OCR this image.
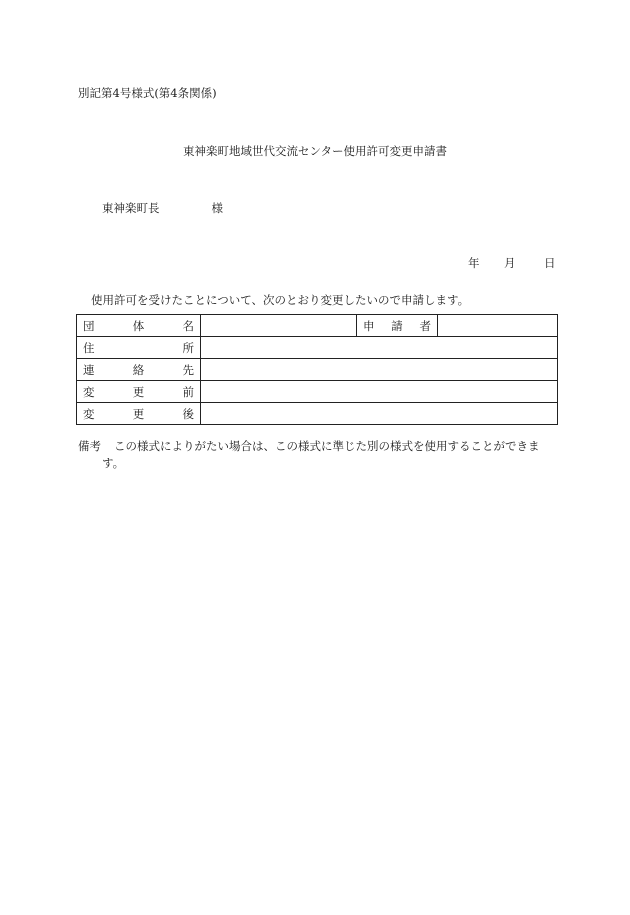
別記第4号様式(第4条関係)
東神楽町地域世代交流センター使用許可変更申請書
東神楽町長	様
年 月 日
使用許可を受けたことについて、次のとおり変更したいので申請します。
団 体 名		申 請 者	

住 所			

連 絡 先			

変 更 前			

変 更 後			

備考 この様式によりがたい場合は、この様式に準じた別の様式を使用することができま
す。
